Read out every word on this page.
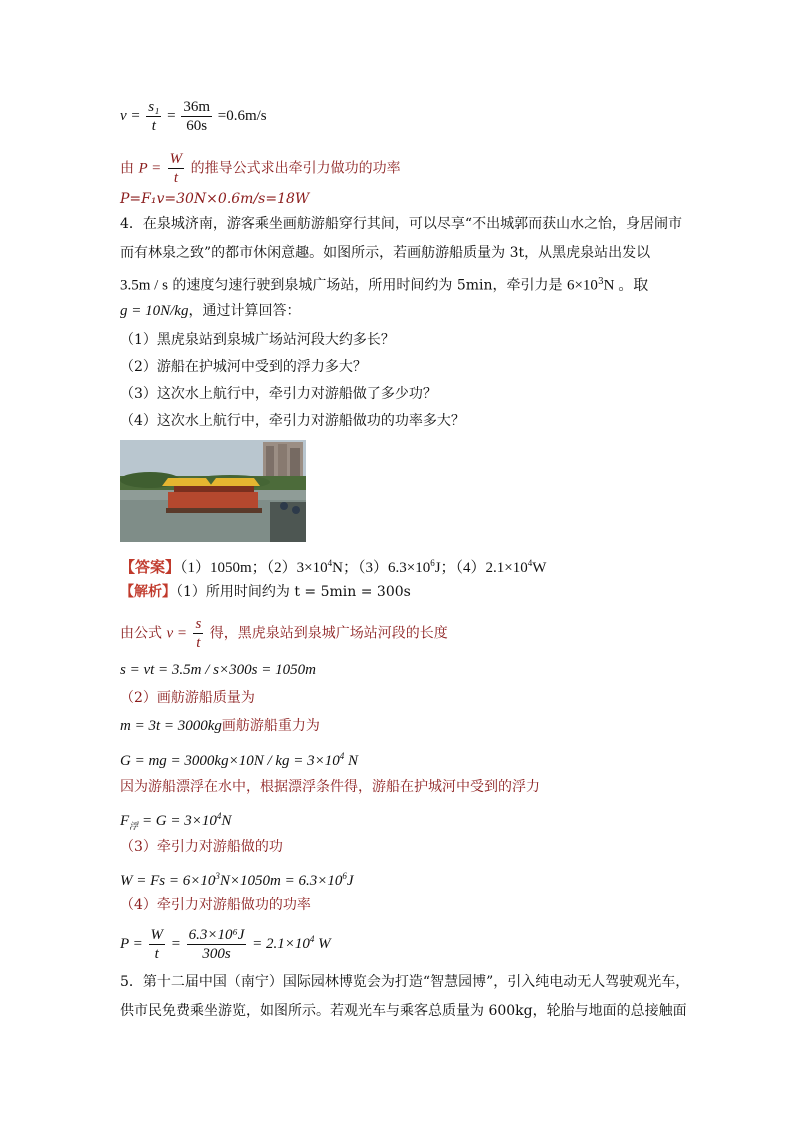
$v = \frac{\text{s₁}}{t} = \frac{36m}{60s} =0.6m/s$
由 $P = \frac{W}{t}$ 的推导公式求出牵引力做功的功率
P=F₁v=30N×0.6m/s=18W
4．在泉城济南，游客乘坐画舫游船穿行其间，可以尽享“不出城郭而获山水之怡，身居闹市
而有林泉之致”的都市休闲意趣。如图所示，若画舫游船质量为 3t，从黑虎泉站出发以
3.5m / s 的速度匀速行驶到泉城广场站，所用时间约为 5min，牵引力是 $6\times 10^3N$ 。取
g = 10N/kg，通过计算回答：
（1）黑虎泉站到泉城广场站河段大约多长？
（2）游船在护城河中受到的浮力多大？
（3）这次水上航行中，牵引力对游船做了多少功？
（4）这次水上航行中，牵引力对游船做功的功率多大？
【答案】（1）1050m；$(2)3\times 10^4N$；$(3)6.3\times 10^6J$；$(4)2.1\times 10^4W$
【解析】（1）所用时间约为 t = 5min = 300s
由公式 $v = \frac{s}{t}$ 得，黑虎泉站到泉城广场站河段的长度
s = vt = 3.5m / s×300s = 1050m
（2）画舫游船质量为
m = 3t = 3000kg画舫游船重力为
G = mg = 3000kg×10N / kg = $3\times 10^4$ N
因为游船漂浮在水中，根据漂浮条件得，游船在护城河中受到的浮力
$F_浮 = G = 3\times 10^4N$
（3）牵引力对游船做的功
$W = Fs = 6\times 10^3N\times 1050m = 6.3\times 10^6J$
（4）牵引力对游船做功的功率
$P = \frac{W}{t} = \frac{\text{6.3×10⁶J}}{300s} = 2.1\times 10^4$ W
5．第十二届中国（南宁）国际园林博览会为打造“智慧园博”，引入纯电动无人驾驶观光车，
供市民免费乘坐游览，如图所示。若观光车与乘客总质量为 600kg，轮胎与地面的总接触面
